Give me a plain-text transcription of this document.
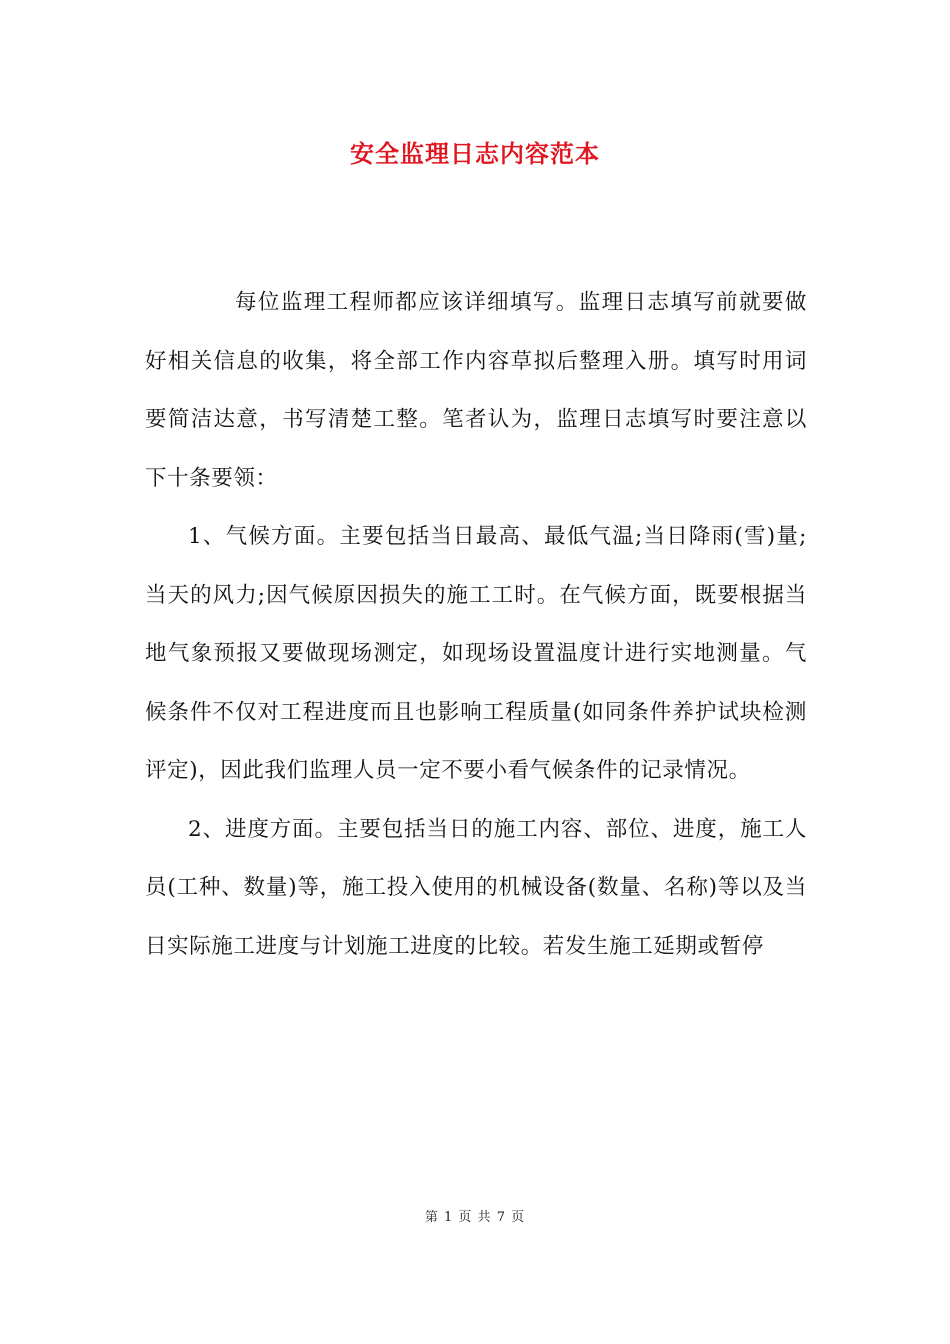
安全监理日志内容范本

每位监理工程师都应该详细填写。监理日志填写前就要做好相关信息的收集，将全部工作内容草拟后整理入册。填写时用词要简洁达意，书写清楚工整。笔者认为，监理日志填写时要注意以下十条要领：

1、气候方面。主要包括当日最高、最低气温;当日降雨(雪)量;当天的风力;因气候原因损失的施工工时。在气候方面，既要根据当地气象预报又要做现场测定，如现场设置温度计进行实地测量。气候条件不仅对工程进度而且也影响工程质量(如同条件养护试块检测评定)，因此我们监理人员一定不要小看气候条件的记录情况。

2、进度方面。主要包括当日的施工内容、部位、进度，施工人员(工种、数量)等，施工投入使用的机械设备(数量、名称)等以及当日实际施工进度与计划施工进度的比较。若发生施工延期或暂停

第 1 页 共 7 页
